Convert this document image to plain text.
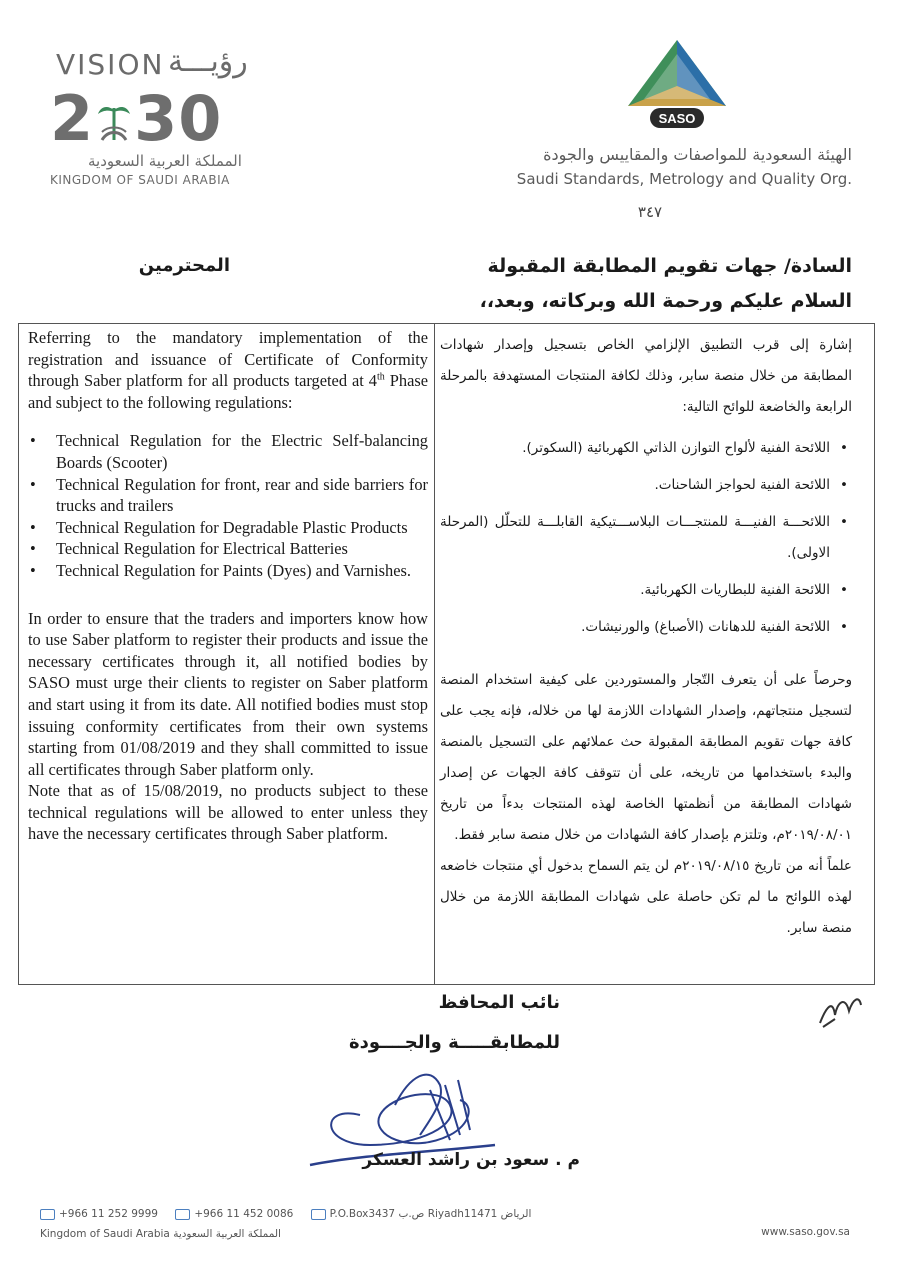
VISION رؤيـــة
2 30
المملكة العربية السعودية
KINGDOM OF SAUDI ARABIA
SASO
الهيئة السعودية للمواصفات والمقاييس والجودة
Saudi Standards, Metrology and Quality Org.
٣٤٧
السادة/ جهات تقويم المطابقة المقبولة
السلام عليكم ورحمة الله وبركاته، وبعد،،
المحترمين

Referring to the mandatory implementation of the registration and issuance of Certificate of Conformity through Saber platform for all products targeted at 4th Phase and subject to the following regulations:

• Technical Regulation for the Electric Self-balancing Boards (Scooter)
• Technical Regulation for front, rear and side barriers for trucks and trailers
• Technical Regulation for Degradable Plastic Products
• Technical Regulation for Electrical Batteries
• Technical Regulation for Paints (Dyes) and Varnishes.

In order to ensure that the traders and importers know how to use Saber platform to register their products and issue the necessary certificates through it, all notified bodies by SASO must urge their clients to register on Saber platform and start using it from its date. All notified bodies must stop issuing conformity certificates from their own systems starting from 01/08/2019 and they shall committed to issue all certificates through Saber platform only.

Note that as of 15/08/2019, no products subject to these technical regulations will be allowed to enter unless they have the necessary certificates through Saber platform.

إشارة إلى قرب التطبيق الإلزامي الخاص بتسجيل وإصدار شهادات المطابقة من خلال منصة سابر، وذلك لكافة المنتجات المستهدفة بالمرحلة الرابعة والخاضعة للوائح التالية:

• اللائحة الفنية لألواح التوازن الذاتي الكهربائية (السكوتر).
• اللائحة الفنية لحواجز الشاحنات.
• اللائحـــة الفنيـــة للمنتجـــات البلاســـتيكية القابلـــة للتحلّل (المرحلة الاولى).
• اللائحة الفنية للبطاريات الكهربائية.
• اللائحة الفنية للدهانات (الأصباغ) والورنيشات.

وحرصاً على أن يتعرف التّجار والمستوردين على كيفية استخدام المنصة لتسجيل منتجاتهم، وإصدار الشهادات اللازمة لها من خلاله، فإنه يجب على كافة جهات تقويم المطابقة المقبولة حث عملائهم على التسجيل بالمنصة والبدء باستخدامها من تاريخه، على أن تتوقف كافة الجهات عن إصدار شهادات المطابقة من أنظمتها الخاصة لهذه المنتجات بدءاً من تاريخ ٢٠١٩/٠٨/٠١م، وتلتزم بإصدار كافة الشهادات من خلال منصة سابر فقط.

علماً أنه من تاريخ ٢٠١٩/٠٨/١٥م لن يتم السماح بدخول أي منتجات خاضعه لهذه اللوائح ما لم تكن حاصلة على شهادات المطابقة اللازمة من خلال منصة سابر.

نائب المحافظ
للمطابقـــــة والجــــودة
م . سعود بن راشد العسكر
+966 11 252 9999	+966 11 452 0086	P.O.Box3437 ص.ب Riyadh11471 الرياض
Kingdom of Saudi Arabia المملكة العربية السعودية	www.saso.gov.sa
